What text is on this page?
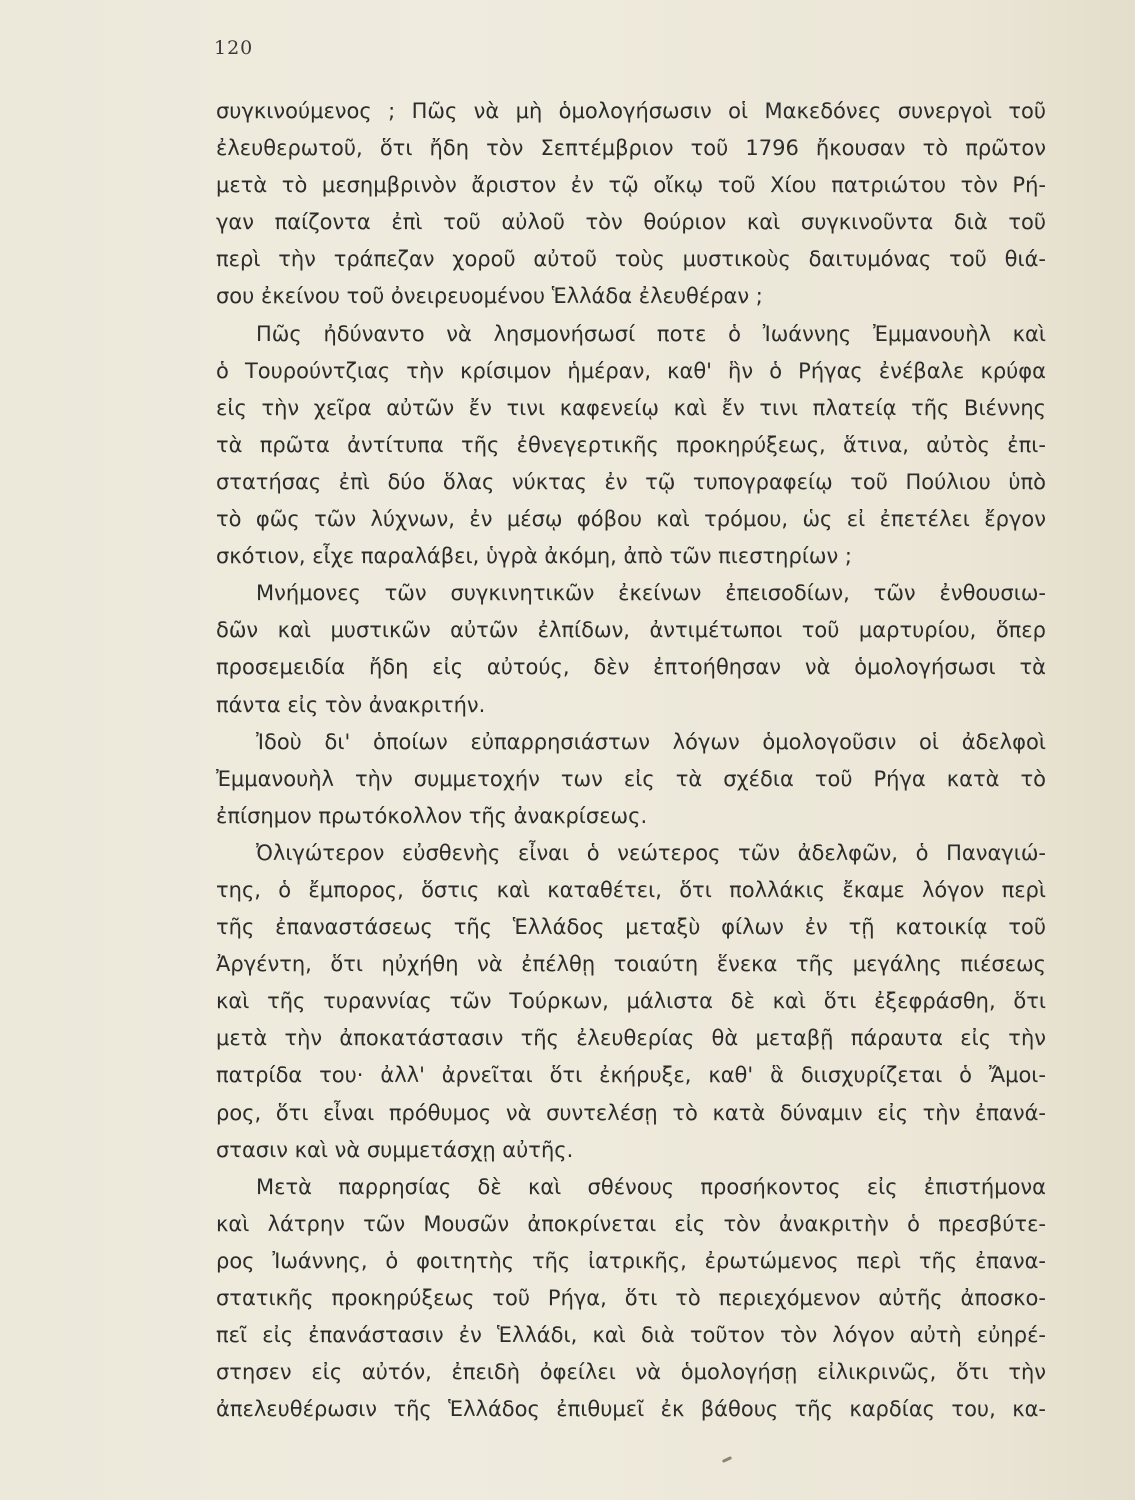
120
συγκινούμενος ; Πῶς νὰ μὴ ὁμολογήσωσιν οἱ Μακεδόνες συνεργοὶ τοῦ
ἐλευθερωτοῦ, ὅτι ἤδη τὸν Σεπτέμβριον τοῦ 1796 ἤκουσαν τὸ πρῶτον
μετὰ τὸ μεσημβρινὸν ἄριστον ἐν τῷ οἴκῳ τοῦ Χίου πατριώτου τὸν Ρή-
γαν παίζοντα ἐπὶ τοῦ αὐλοῦ τὸν θούριον καὶ συγκινοῦντα διὰ τοῦ
περὶ τὴν τράπεζαν χοροῦ αὐτοῦ τοὺς μυστικοὺς δαιτυμόνας τοῦ θιά-
σου ἐκείνου τοῦ ὀνειρευομένου Ἑλλάδα ἐλευθέραν ;
Πῶς ἠδύναντο νὰ λησμονήσωσί ποτε ὁ Ἰωάννης Ἐμμανουὴλ καὶ
ὁ Τουρούντζιας τὴν κρίσιμον ἡμέραν, καθ' ἣν ὁ Ρήγας ἐνέβαλε κρύφα
εἰς τὴν χεῖρα αὐτῶν ἔν τινι καφενείῳ καὶ ἔν τινι πλατείᾳ τῆς Βιέννης
τὰ πρῶτα ἀντίτυπα τῆς ἐθνεγερτικῆς προκηρύξεως, ἅτινα, αὐτὸς ἐπι-
στατήσας ἐπὶ δύο ὅλας νύκτας ἐν τῷ τυπογραφείῳ τοῦ Πούλιου ὑπὸ
τὸ φῶς τῶν λύχνων, ἐν μέσῳ φόβου καὶ τρόμου, ὡς εἰ ἐπετέλει ἔργον
σκότιον, εἶχε παραλάβει, ὑγρὰ ἀκόμη, ἀπὸ τῶν πιεστηρίων ;
Μνήμονες τῶν συγκινητικῶν ἐκείνων ἐπεισοδίων, τῶν ἐνθουσιω-
δῶν καὶ μυστικῶν αὐτῶν ἐλπίδων, ἀντιμέτωποι τοῦ μαρτυρίου, ὅπερ
προσεμειδία ἤδη εἰς αὐτούς, δὲν ἐπτοήθησαν νὰ ὁμολογήσωσι τὰ
πάντα εἰς τὸν ἀνακριτήν.
Ἰδοὺ δι' ὁποίων εὐπαρρησιάστων λόγων ὁμολογοῦσιν οἱ ἀδελφοὶ
Ἐμμανουὴλ τὴν συμμετοχήν των εἰς τὰ σχέδια τοῦ Ρήγα κατὰ τὸ
ἐπίσημον πρωτόκολλον τῆς ἀνακρίσεως.
Ὀλιγώτερον εὐσθενὴς εἶναι ὁ νεώτερος τῶν ἀδελφῶν, ὁ Παναγιώ-
της, ὁ ἔμπορος, ὅστις καὶ καταθέτει, ὅτι πολλάκις ἔκαμε λόγον περὶ
τῆς ἐπαναστάσεως τῆς Ἑλλάδος μεταξὺ φίλων ἐν τῇ κατοικίᾳ τοῦ
Ἀργέντη, ὅτι ηὐχήθη νὰ ἐπέλθῃ τοιαύτη ἕνεκα τῆς μεγάλης πιέσεως
καὶ τῆς τυραννίας τῶν Τούρκων, μάλιστα δὲ καὶ ὅτι ἐξεφράσθη, ὅτι
μετὰ τὴν ἀποκατάστασιν τῆς ἐλευθερίας θὰ μεταβῇ πάραυτα εἰς τὴν
πατρίδα του· ἀλλ' ἀρνεῖται ὅτι ἐκήρυξε, καθ' ἃ διισχυρίζεται ὁ Ἄμοι-
ρος, ὅτι εἶναι πρόθυμος νὰ συντελέσῃ τὸ κατὰ δύναμιν εἰς τὴν ἐπανά-
στασιν καὶ νὰ συμμετάσχῃ αὐτῆς.
Μετὰ παρρησίας δὲ καὶ σθένους προσήκοντος εἰς ἐπιστήμονα
καὶ λάτρην τῶν Μουσῶν ἀποκρίνεται εἰς τὸν ἀνακριτὴν ὁ πρεσβύτε-
ρος Ἰωάννης, ὁ φοιτητὴς τῆς ἰατρικῆς, ἐρωτώμενος περὶ τῆς ἐπανα-
στατικῆς προκηρύξεως τοῦ Ρήγα, ὅτι τὸ περιεχόμενον αὐτῆς ἀποσκο-
πεῖ εἰς ἐπανάστασιν ἐν Ἑλλάδι, καὶ διὰ τοῦτον τὸν λόγον αὐτὴ εὐηρέ-
στησεν εἰς αὐτόν, ἐπειδὴ ὀφείλει νὰ ὁμολογήσῃ εἰλικρινῶς, ὅτι τὴν
ἀπελευθέρωσιν τῆς Ἑλλάδος ἐπιθυμεῖ ἐκ βάθους τῆς καρδίας του, κα-
